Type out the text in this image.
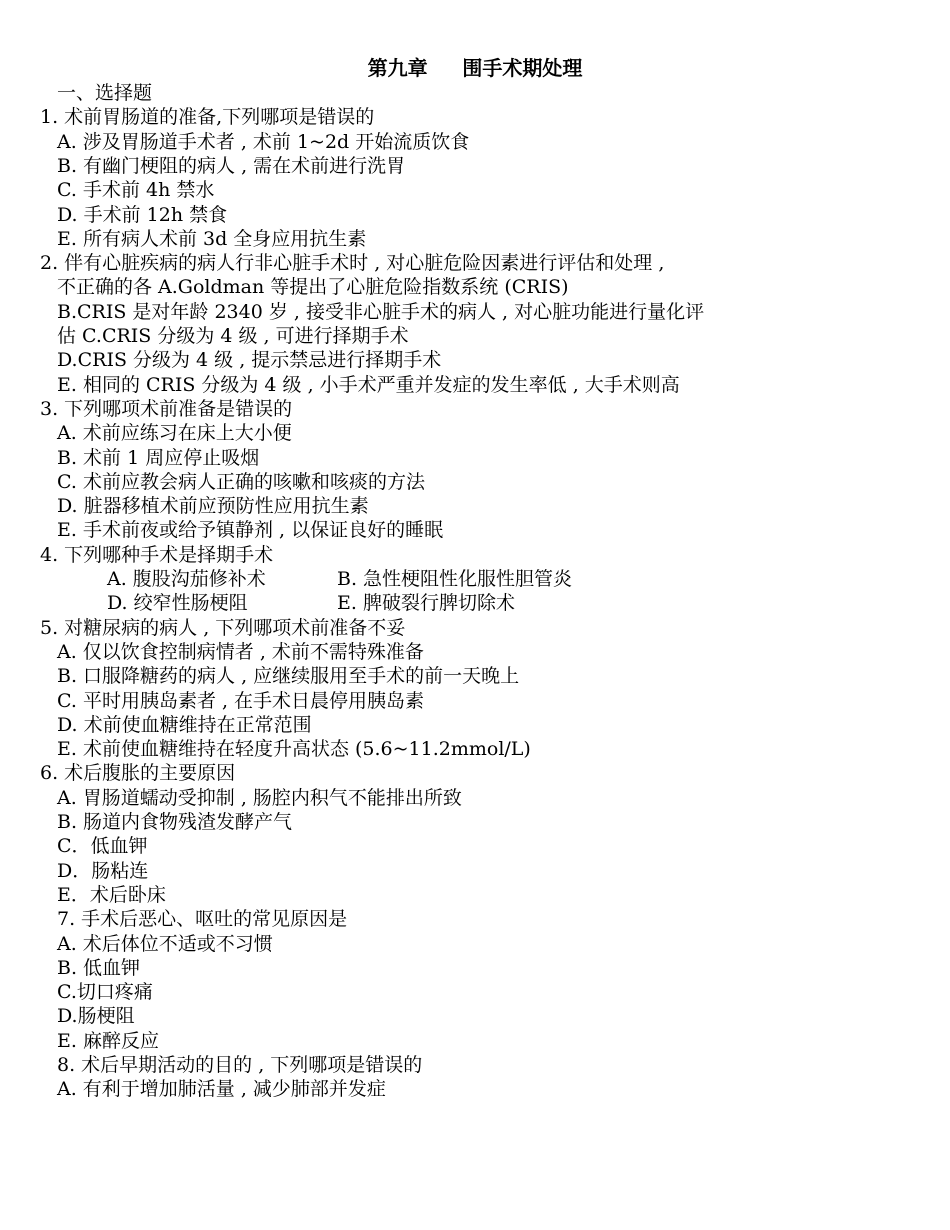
第九章     围手术期处理
一、选择题
1. 术前胃肠道的准备,下列哪项是错误的
A. 涉及胃肠道手术者 , 术前 1~2d 开始流质饮食
B. 有幽门梗阻的病人 , 需在术前进行洗胃
C. 手术前 4h 禁水
D. 手术前 12h 禁食
E. 所有病人术前 3d 全身应用抗生素
2. 伴有心脏疾病的病人行非心脏手术时 , 对心脏危险因素进行评估和处理 ,
不正确的各 A.Goldman 等提出了心脏危险指数系统 (CRIS)
B.CRIS 是对年龄 2340 岁 , 接受非心脏手术的病人 , 对心脏功能进行量化评
估 C.CRIS 分级为 4 级 , 可进行择期手术
D.CRIS 分级为 4 级 , 提示禁忌进行择期手术
E. 相同的 CRIS 分级为 4 级 , 小手术严重并发症的发生率低 , 大手术则高
3. 下列哪项术前准备是错误的
A. 术前应练习在床上大小便
B. 术前 1 周应停止吸烟
C. 术前应教会病人正确的咳嗽和咳痰的方法
D. 脏器移植术前应预防性应用抗生素
E. 手术前夜或给予镇静剂 , 以保证良好的睡眠
4. 下列哪种手术是择期手术
A. 腹股沟茄修补术	B. 急性梗阻性化服性胆管炎
D. 绞窄性肠梗阻	E. 脾破裂行脾切除术
5. 对糖尿病的病人 , 下列哪项术前准备不妥
A. 仅以饮食控制病情者 , 术前不需特殊准备
B. 口服降糖药的病人 , 应继续服用至手术的前一天晚上
C. 平时用胰岛素者 , 在手术日晨停用胰岛素
D. 术前使血糖维持在正常范围
E. 术前使血糖维持在轻度升高状态 (5.6~11.2mmol/L)
6. 术后腹胀的主要原因
A. 胃肠道蠕动受抑制 , 肠腔内积气不能排出所致
B. 肠道内食物残渣发酵产气
C．低血钾
D．肠粘连
E．术后卧床
7. 手术后恶心、呕吐的常见原因是
A. 术后体位不适或不习惯
B. 低血钾
C.切口疼痛
D.肠梗阻
E. 麻醉反应
8. 术后早期活动的目的 , 下列哪项是错误的
A. 有利于增加肺活量 , 减少肺部并发症
